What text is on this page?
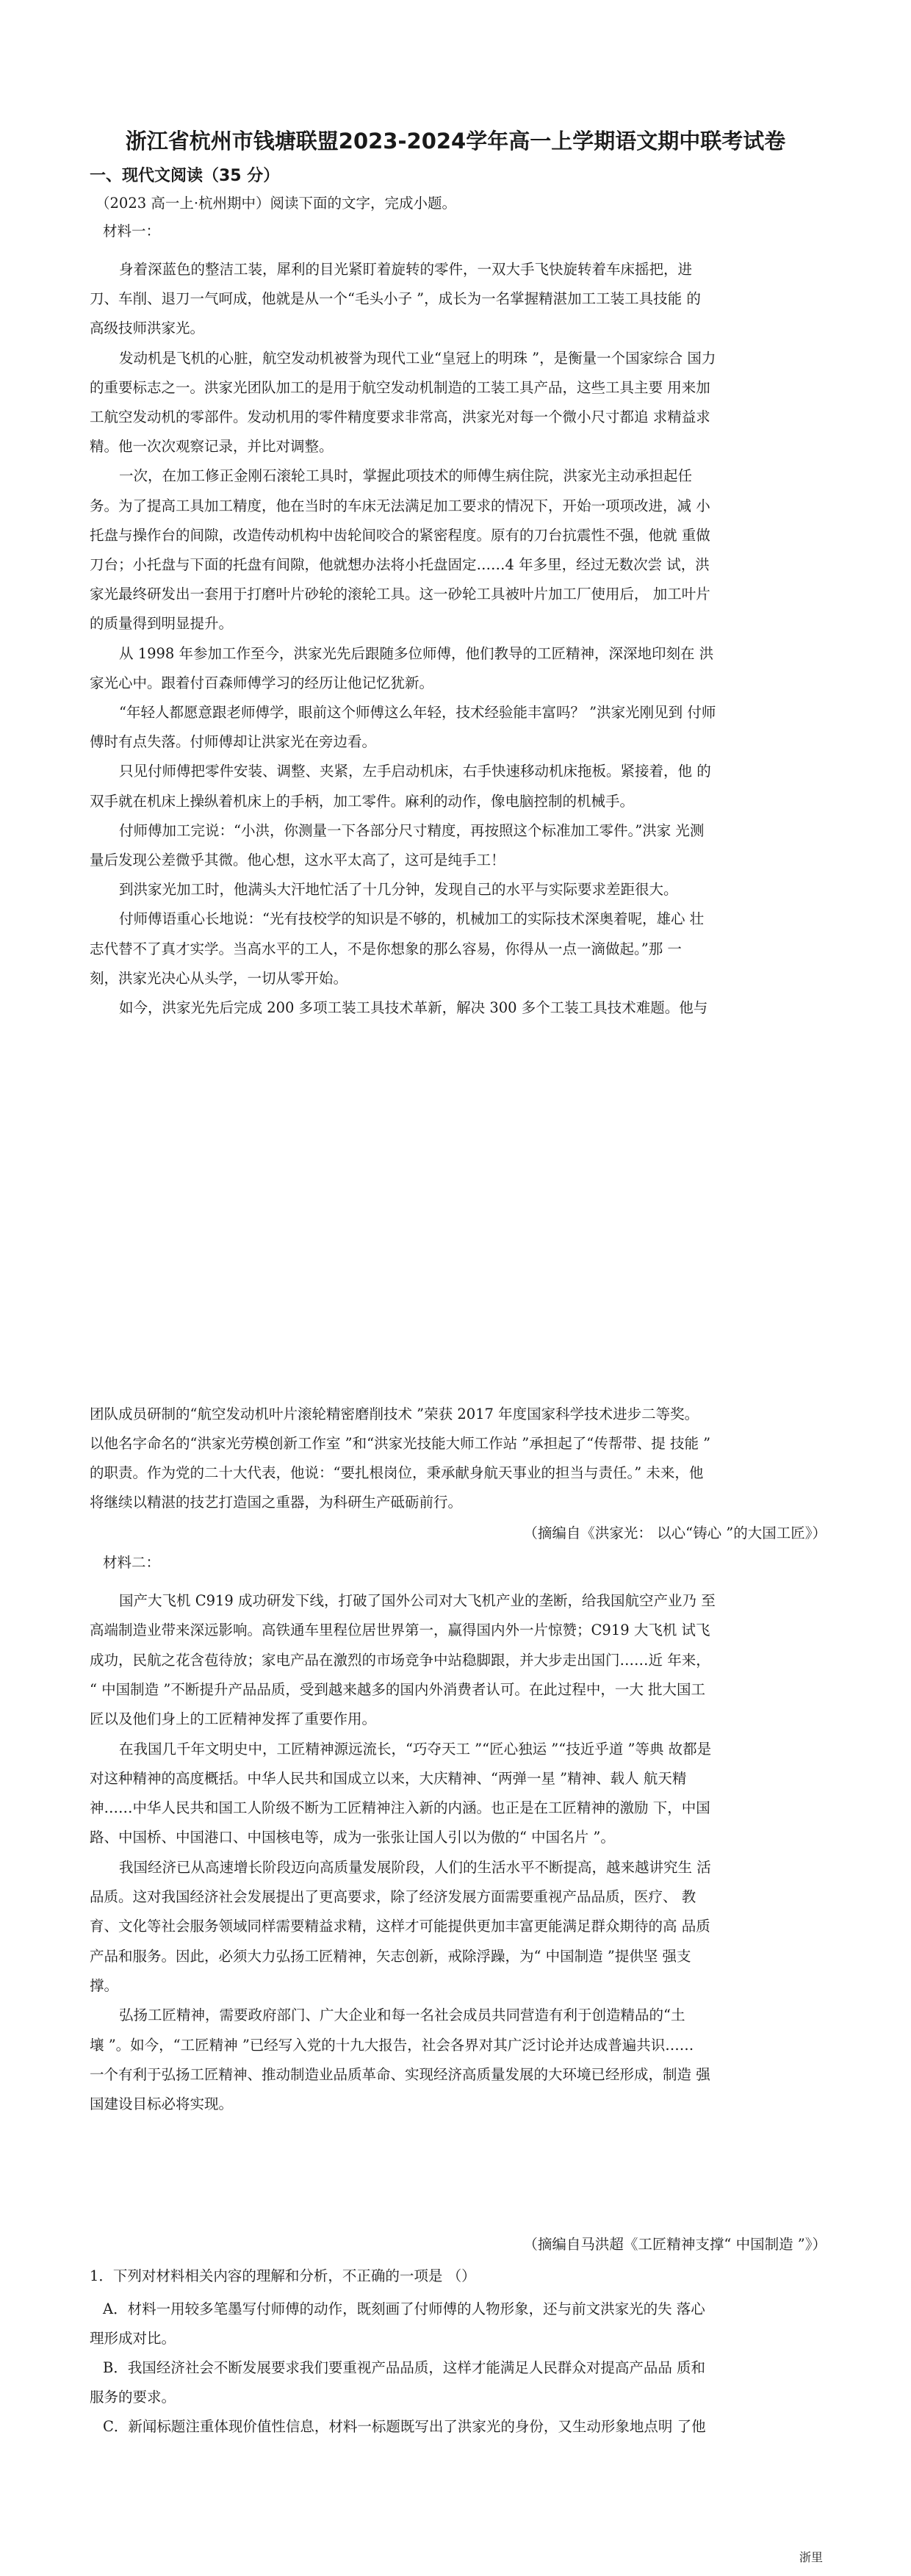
浙江省杭州市钱塘联盟2023-2024学年高一上学期语文期中联考试卷
一、现代文阅读（35 分）
（2023 高一上·杭州期中）阅读下面的文字，完成小题。
材料一：
身着深蓝色的整洁工装，犀利的目光紧盯着旋转的零件，一双大手飞快旋转着车床摇把，进
刀、车削、退刀一气呵成，他就是从一个“毛头小子 ”，成长为一名掌握精湛加工工装工具技能 的
高级技师洪家光。
发动机是飞机的心脏，航空发动机被誉为现代工业“皇冠上的明珠 ”，是衡量一个国家综合 国力
的重要标志之一。洪家光团队加工的是用于航空发动机制造的工装工具产品，这些工具主要 用来加
工航空发动机的零部件。发动机用的零件精度要求非常高，洪家光对每一个微小尺寸都追 求精益求
精。他一次次观察记录，并比对调整。
一次，在加工修正金刚石滚轮工具时，掌握此项技术的师傅生病住院，洪家光主动承担起任
务。为了提高工具加工精度，他在当时的车床无法满足加工要求的情况下，开始一项项改进，减 小
托盘与操作台的间隙，改造传动机构中齿轮间咬合的紧密程度。原有的刀台抗震性不强，他就 重做
刀台；小托盘与下面的托盘有间隙，他就想办法将小托盘固定……4 年多里，经过无数次尝 试，洪
家光最终研发出一套用于打磨叶片砂轮的滚轮工具。这一砂轮工具被叶片加工厂使用后， 加工叶片
的质量得到明显提升。
从 1998 年参加工作至今，洪家光先后跟随多位师傅，他们教导的工匠精神，深深地印刻在 洪
家光心中。跟着付百森师傅学习的经历让他记忆犹新。
“年轻人都愿意跟老师傅学，眼前这个师傅这么年轻，技术经验能丰富吗？ ”洪家光刚见到 付师
傅时有点失落。付师傅却让洪家光在旁边看。
只见付师傅把零件安装、调整、夹紧，左手启动机床，右手快速移动机床拖板。紧接着，他 的
双手就在机床上操纵着机床上的手柄，加工零件。麻利的动作，像电脑控制的机械手。
付师傅加工完说：“小洪，你测量一下各部分尺寸精度，再按照这个标准加工零件。”洪家 光测
量后发现公差微乎其微。他心想，这水平太高了，这可是纯手工！
到洪家光加工时，他满头大汗地忙活了十几分钟，发现自己的水平与实际要求差距很大。
付师傅语重心长地说：“光有技校学的知识是不够的，机械加工的实际技术深奥着呢，雄心 壮
志代替不了真才实学。当高水平的工人，不是你想象的那么容易，你得从一点一滴做起。”那 一
刻，洪家光决心从头学，一切从零开始。
如今，洪家光先后完成 200 多项工装工具技术革新，解决 300 多个工装工具技术难题。他与
团队成员研制的“航空发动机叶片滚轮精密磨削技术 ”荣获 2017 年度国家科学技术进步二等奖。
以他名字命名的“洪家光劳模创新工作室 ”和“洪家光技能大师工作站 ”承担起了“传帮带、提 技能 ”
的职责。作为党的二十大代表，他说：“要扎根岗位，秉承献身航天事业的担当与责任。” 未来，他
将继续以精湛的技艺打造国之重器，为科研生产砥砺前行。
（摘编自《洪家光： 以心“铸心 ”的大国工匠》）
材料二：
国产大飞机 C919 成功研发下线，打破了国外公司对大飞机产业的垄断，给我国航空产业乃 至
高端制造业带来深远影响。高铁通车里程位居世界第一，赢得国内外一片惊赞；C919 大飞机 试飞
成功，民航之花含苞待放；家电产品在激烈的市场竞争中站稳脚跟，并大步走出国门……近 年来，
“ 中国制造 ”不断提升产品品质，受到越来越多的国内外消费者认可。在此过程中，一大 批大国工
匠以及他们身上的工匠精神发挥了重要作用。
在我国几千年文明史中，工匠精神源远流长，“巧夺天工 ”“匠心独运 ”“技近乎道 ”等典 故都是
对这种精神的高度概括。中华人民共和国成立以来，大庆精神、“两弹一星 ”精神、载人 航天精
神……中华人民共和国工人阶级不断为工匠精神注入新的内涵。也正是在工匠精神的激励 下，中国
路、中国桥、中国港口、中国核电等，成为一张张让国人引以为傲的“ 中国名片 ”。
我国经济已从高速增长阶段迈向高质量发展阶段，人们的生活水平不断提高，越来越讲究生 活
品质。这对我国经济社会发展提出了更高要求，除了经济发展方面需要重视产品品质，医疗、 教
育、文化等社会服务领域同样需要精益求精，这样才可能提供更加丰富更能满足群众期待的高 品质
产品和服务。因此，必须大力弘扬工匠精神，矢志创新，戒除浮躁，为“ 中国制造 ”提供坚 强支
撑。
弘扬工匠精神，需要政府部门、广大企业和每一名社会成员共同营造有利于创造精品的“土
壤 ”。如今，“工匠精神 ”已经写入党的十九大报告，社会各界对其广泛讨论并达成普遍共识……
一个有利于弘扬工匠精神、推动制造业品质革命、实现经济高质量发展的大环境已经形成，制造 强
国建设目标必将实现。
（摘编自马洪超《工匠精神支撑“ 中国制造 ”》）
1．下列对材料相关内容的理解和分析，不正确的一项是 （）
A．材料一用较多笔墨写付师傅的动作，既刻画了付师傅的人物形象，还与前文洪家光的失 落心
理形成对比。
B．我国经济社会不断发展要求我们要重视产品品质，这样才能满足人民群众对提高产品品 质和
服务的要求。
C．新闻标题注重体现价值性信息，材料一标题既写出了洪家光的身份，又生动形象地点明 了他
浙里
